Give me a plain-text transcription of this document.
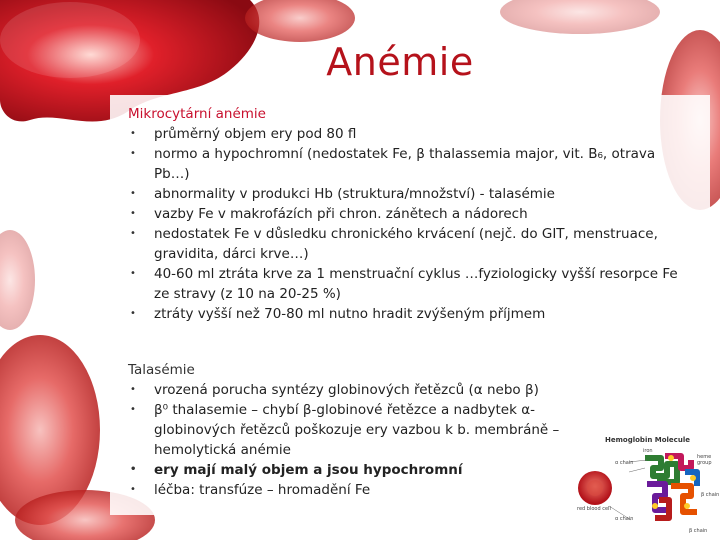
Anémie
Mikrocytární anémie
• průměrný objem ery pod 80 fl
• normo a hypochromní (nedostatek Fe, β thalassemia major, vit. B₆, otrava Pb…)
• abnormality v produkci Hb (struktura/množství) - talasémie
• vazby Fe v makrofázích při chron. zánětech a nádorech
• nedostatek Fe v důsledku chronického krvácení (nejč. do GIT, menstruace, gravidita, dárci krve…)
• 40-60 ml ztráta krve za 1 menstruační cyklus …fyziologicky vyšší resorpce Fe ze stravy (z 10 na 20-25 %)
• ztráty vyšší než 70-80 ml nutno hradit zvýšeným příjmem
Talasémie
• vrozená porucha syntézy globinových řetězců (α nebo β)
• β⁰ thalasemie – chybí β-globinové řetězce a nadbytek α- globinových řetězců poškozuje ery vazbou k b. membráně – hemolytická anémie
• ery mají malý objem a jsou hypochromní
• léčba: transfúze – hromadění Fe
Hemoglobin Molecule
iron
heme group
α chain
β chain
α chain
red blood cell
β chain
